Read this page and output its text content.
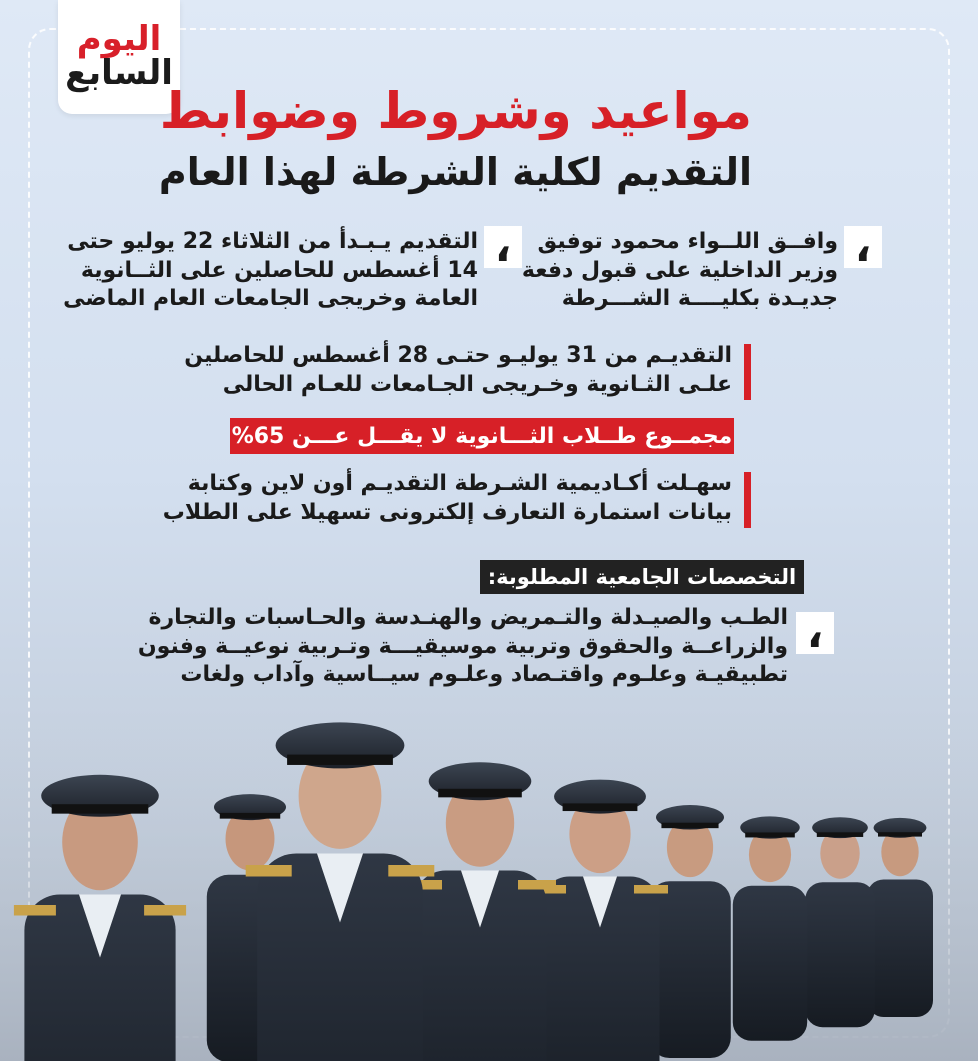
اليوم
السابع
مواعيد وشروط وضوابط
التقديم لكلية الشرطة لهذا العام
،
وافــق اللــواء محمود توفيق
وزير الداخلية على قبول دفعة
جديـدة بكليــــة الشـــرطة
،
التقديم يـبـدأ من الثلاثاء 22 يوليو حتى
14 أغسطس للحاصلين على الثــانوية
العامة وخريجى الجامعات العام الماضى
التقديـم من 31 يوليـو حتـى 28 أغسطس للحاصلين
علـى الثـانوية وخـريجى الجـامعات للعـام الحالى
مجمــوع طــلاب الثـــانوية لا يقـــل عـــن 65%
سهـلت أكـاديمية الشـرطة التقديـم أون لاين وكتابة
بيانات استمارة التعارف إلكترونى تسهيلا على الطلاب
التخصصات الجامعية المطلوبة:
،
الطـب والصيـدلة والتـمريض والهنـدسة والحـاسبات والتجارة
والزراعــة والحقوق وتربية موسيقيـــة وتـربية نوعيــة وفنون
تطبيقيـة وعلـوم واقتـصاد وعلـوم سيــاسية وآداب ولغات
